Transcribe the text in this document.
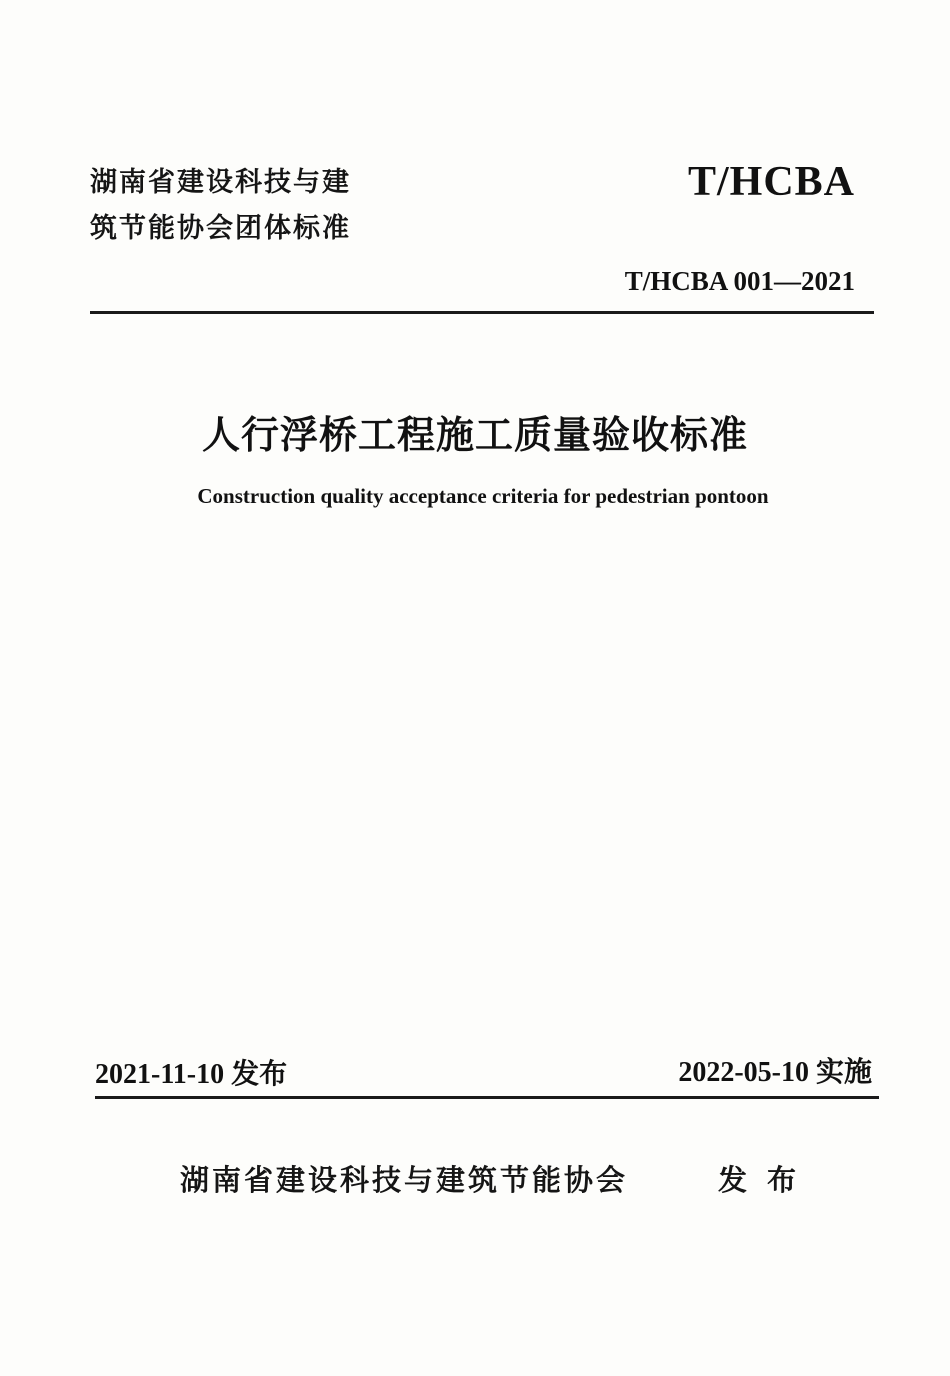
湖南省建设科技与建
筑节能协会团体标准
T/HCBA
T/HCBA 001—2021
人行浮桥工程施工质量验收标准
Construction quality acceptance criteria for pedestrian pontoon
2021-11-10 发布	2022-05-10 实施
湖南省建设科技与建筑节能协会	发布
